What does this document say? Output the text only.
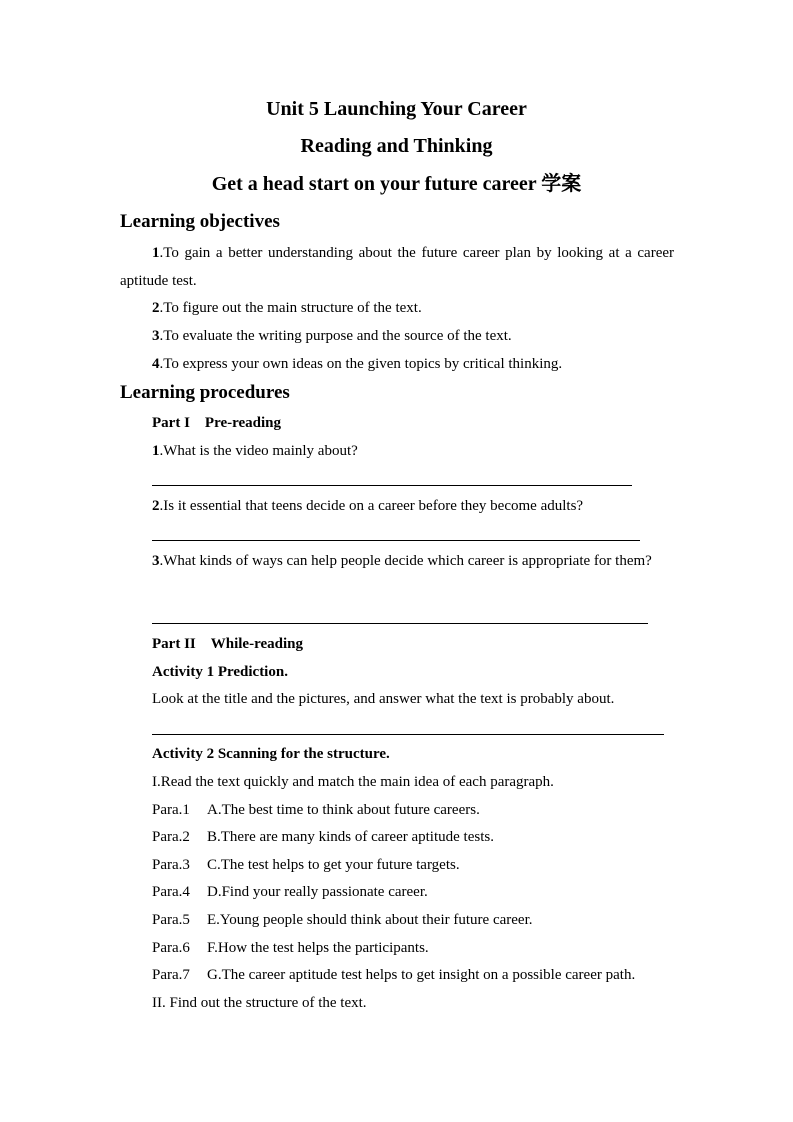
Unit 5 Launching Your Career
Reading and Thinking
Get a head start on your future career 学案
Learning objectives
1.To gain a better understanding about the future career plan by looking at a career aptitude test.
2.To figure out the main structure of the text.
3.To evaluate the writing purpose and the source of the text.
4.To express your own ideas on the given topics by critical thinking.
Learning procedures
Part I　Pre-reading
1.What is the video mainly about?
2.Is it essential that teens decide on a career before they become adults?
3.What kinds of ways can help people decide which career is appropriate for them?
Part II　While-reading
Activity 1 Prediction.
Look at the title and the pictures, and answer what the text is probably about.
Activity 2 Scanning for the structure.
I.Read the text quickly and match the main idea of each paragraph.
Para.1 A.The best time to think about future careers.
Para.2 B.There are many kinds of career aptitude tests.
Para.3 C.The test helps to get your future targets.
Para.4 D.Find your really passionate career.
Para.5 E.Young people should think about their future career.
Para.6 F.How the test helps the participants.
Para.7 G.The career aptitude test helps to get insight on a possible career path.
II. Find out the structure of the text.
